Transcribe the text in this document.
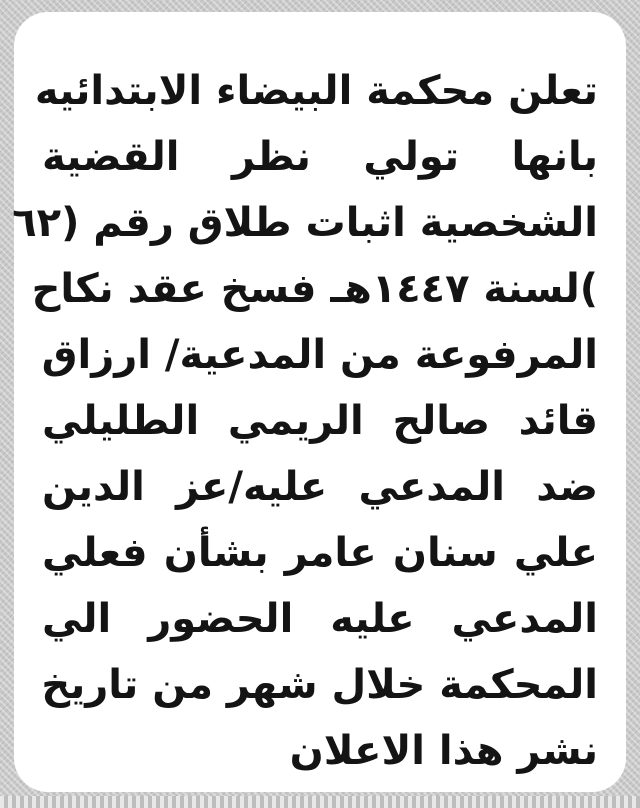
تعلن محكمة البيضاء الابتدائيه

بانها تولي نظر القضية

الشخصية اثبات طلاق رقم (٦٢

)لسنة ١٤٤٧هـ فسخ عقد نكاح

المرفوعة من المدعية/ ارزاق

قائد صالح الريمي الطليلي

ضد المدعي عليه/عز الدين

علي سنان عامر بشأن فعلي

المدعي عليه الحضور الي

المحكمة خلال شهر من تاريخ

نشر هذا الاعلان
